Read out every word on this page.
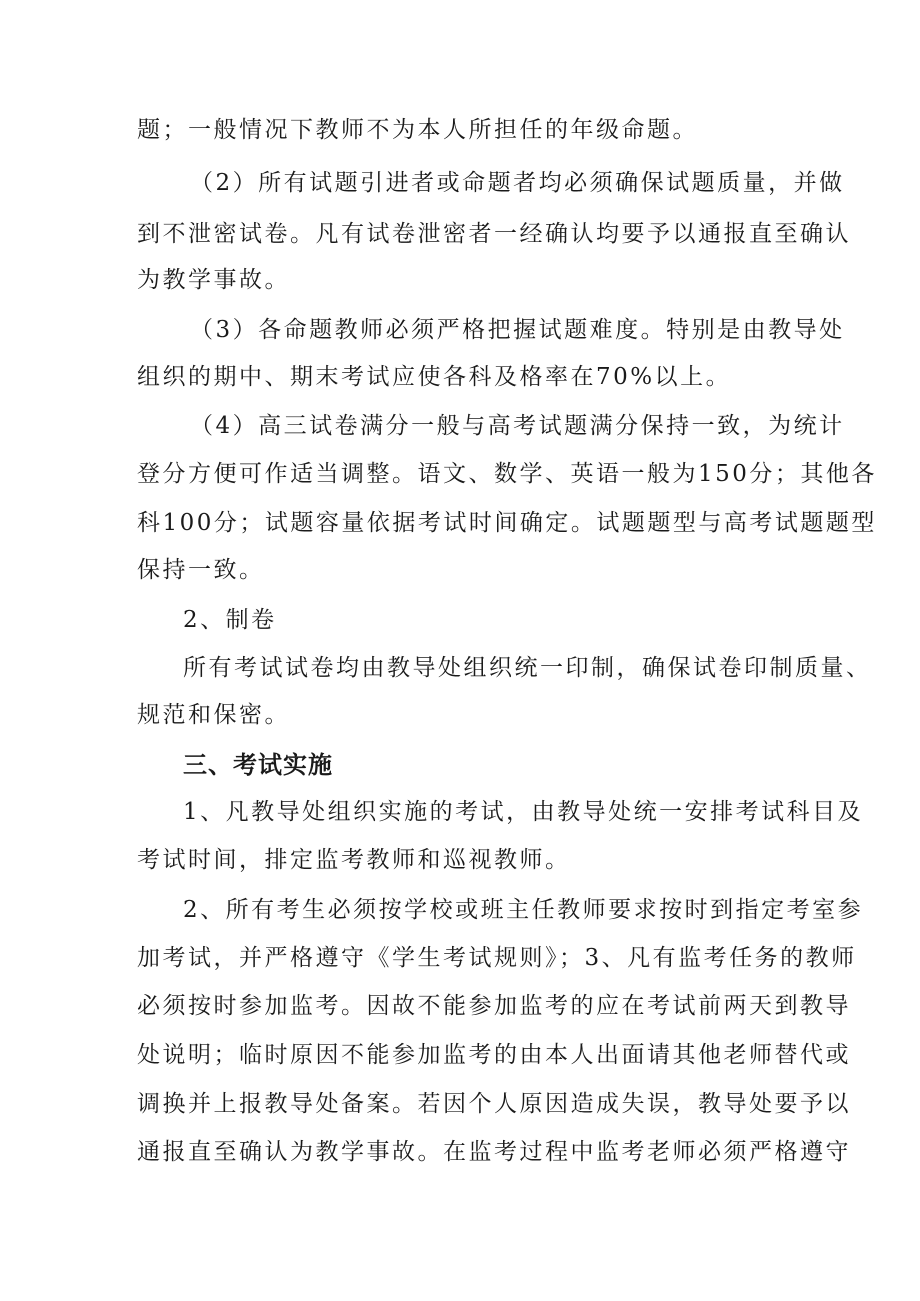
题；一般情况下教师不为本人所担任的年级命题。
（2）所有试题引进者或命题者均必须确保试题质量，并做
到不泄密试卷。凡有试卷泄密者一经确认均要予以通报直至确认
为教学事故。
（3）各命题教师必须严格把握试题难度。特别是由教导处
组织的期中、期末考试应使各科及格率在70%以上。
（4）高三试卷满分一般与高考试题满分保持一致，为统计
登分方便可作适当调整。语文、数学、英语一般为150分；其他各
科100分；试题容量依据考试时间确定。试题题型与高考试题题型
保持一致。
2、制卷
所有考试试卷均由教导处组织统一印制，确保试卷印制质量、
规范和保密。
三、考试实施
1、凡教导处组织实施的考试，由教导处统一安排考试科目及
考试时间，排定监考教师和巡视教师。
2、所有考生必须按学校或班主任教师要求按时到指定考室参
加考试，并严格遵守《学生考试规则》；3、凡有监考任务的教师
必须按时参加监考。因故不能参加监考的应在考试前两天到教导
处说明；临时原因不能参加监考的由本人出面请其他老师替代或
调换并上报教导处备案。若因个人原因造成失误，教导处要予以
通报直至确认为教学事故。在监考过程中监考老师必须严格遵守
